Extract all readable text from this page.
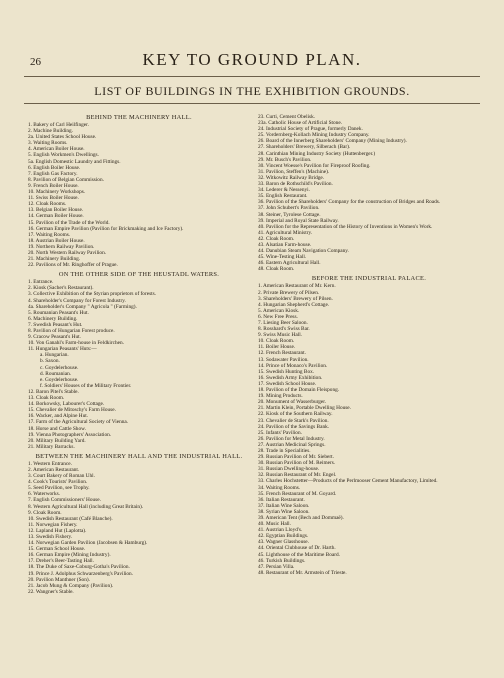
26	KEY TO GROUND PLAN.
LIST OF BUILDINGS IN THE EXHIBITION GROUNDS.
BEHIND THE MACHINERY HALL.
1. Bakery of Carl Heilfinger.
2. Machine Building.
2a. United States School House.
3. Waiting Rooms.
4. American Boiler House.
5. English Workmen's Dwellings.
5a. English Domestic Laundry and Fittings.
6. English Boiler House.
7. English Gas Factory.
8. Pavilion of Belgian Commission.
9. French Boiler House.
10. Machinery Workshops.
11. Swiss Boiler House.
12. Cloak Rooms.
13. Belgian Boiler House.
14. German Boiler House.
15. Pavilion of the Trade of the World.
16. German Empire Pavilion (Pavilion for Brickmaking and Ice Factory).
17. Waiting Rooms.
18. Austrian Boiler House.
19. Northern Railway Pavilion.
20. North Western Railway Pavilion.
21. Machinery Building.
22. Pavilions of Mr. Ringhoffer of Prague.
ON THE OTHER SIDE OF THE HEUSTADL WATERS.
1. Entrance.
2. Kiosk (Sacher's Restaurant).
3. Collective Exhibition of the Styrian proprietors of forests.
4. Shareholder's Company for Forest Industry.
4a. Shareholder's Company " Agricola " (Farming).
5. Roumanian Peasant's Hut.
6. Machinery Building.
7. Swedish Peasant's Hut.
8. Pavilion of Hungarian Forest produce.
9. Cracow Peasant's Hut.
10. Von Ganahl's Farm-house in Feldkirchen.
11. Hungarian Peasants' Huts:—
a. Hungarian.
b. Saxon.
c. Goydelerhouse.
d. Roumanian.
e. Goydelerhouse.
f. Soldiers' Houses of the Military Frontier.
12. Baron Pitel's Stable.
13. Cloak Room.
14. Borkowsky, Labourer's Cottage.
15. Chevalier de Mitoschy's Farm House.
16. Wacker, and Alpine Hut.
17. Farm of the Agricultural Society of Vienna.
18. Horse and Cattle Show.
19. Vienna Photographers' Association.
20. Military Building Yard.
21. Military Barracks.
BETWEEN THE MACHINERY HALL AND THE INDUSTRIAL HALL.
1. Western Entrance.
2. American Restaurant.
3. Court Bakery of Roman Uhl.
4. Cook's Tourists' Pavilion.
5. Seed Pavilion, see Trophy.
6. Waterworks.
7. English Commissioners' House.
8. Western Agricultural Hall (including Great Britain).
9. Cloak Room.
10. Swedish Restaurant (Café Blanche).
11. Norwegian Fishery.
12. Lapland Hut (Laplotta).
13. Swedish Fishery.
14. Norwegian Garden Pavilion (Jacobsen & Hamburg).
15. German School House.
16. German Empire (Mining Industry).
17. Dreher's Beer-Tasting Hall.
18. The Duke of Saxe-Coburg-Gotha's Pavilion.
19. Prince J. Adolphus Schwarzenberg's Pavilion.
20. Pavilion Manthner (Son).
21. Jacob Mung & Company (Pavilion).
22. Wangner's Stable.
23. Curti, Cement Obelisk.
23a. Catholic House of Artificial Stone.
24. Industrial Society of Prague, formerly Danek.
25. Vordernberg-Kollach Mining Industry Company.
26. Board of the Innerberg Shareholders' Company (Mining Industry).
27. Shareholders' Brewery, Silberach (Bar).
28. Carinthian Mining Industry Society (Huttenberger.)
29. Mr. Busch's Pavilion.
30. Vincent Woesse's Pavilion for Fireproof Roofing.
31. Pavilion, Steffen's (Machine).
32. Witkowitz Railway Bridge.
33. Baron de Rothschild's Pavilion.
34. Lederer & Nessenyi.
35. English Restaurant.
36. Pavilion of the Shareholders' Company for the construction of Bridges and Roads.
37. John Schubert's Pavilion.
38. Steiner, Tyrolese Cottage.
39. Imperial and Royal State Railway.
40. Pavilion for the Representation of the History of Inventions in Women's Work.
41. Agricultural Ministry.
42. Cloak Room.
43. Alsatian Farm-house.
44. Danubian Steam Navigation Company.
45. Wine-Testing Hall.
46. Eastern Agricultural Hall.
48. Cloak Room.
BEFORE THE INDUSTRIAL PALACE.
1. American Restaurant of Mr. Kern.
2. Private Brewery of Pilsen.
3. Shareholders' Brewery of Pilsen.
4. Hungarian Shepherd's Cottage.
5. American Kiosk.
6. New Free Press.
7. Liesing Beer Saloon.
8. Rosshard's Swiss Bar.
9. Swiss Music Hall.
10. Cloak Room.
11. Boiler House.
12. French Restaurant.
13. Sodawater Pavilion.
14. Prince of Monaco's Pavilion.
15. Swedish Hunting Box.
16. Swedish Army Exhibition.
17. Swedish School House.
18. Pavilion of the Domain Fleispong.
19. Mining Products.
20. Monument of Wasserburger.
21. Martin Klein, Portable Dwelling House.
22. Kiosk of the Southern Railway.
23. Chevalier de Stark's Pavilion.
24. Pavilion of the Savings Bank.
25. Infants' Pavilion.
26. Pavilion for Metal Industry.
27. Austrian Medicinal Springs.
28. Trade in Specialities.
29. Russian Pavilion of Mr. Siebert.
30. Russian Pavilion of M. Reimers.
31. Russian Dwelling-house.
32. Russian Restaurant of Mr. Engel.
33. Charles Hochstetter—Products of the Perlmooser Cement Manufactory, Limited.
34. Waiting Rooms.
35. French Restaurant of M. Goyard.
36. Italian Restaurant.
37. Italian Wine Saloon.
38. Syrian Wine Saloon.
39. American Tent (Bech and Dommaë).
40. Music Hall.
41. Austrian Lloyd's.
42. Egyptian Buildings.
43. Wagner Glasshouse.
44. Oriental Clubhouse of Dr. Harth.
45. Lighthouse of the Maritime Board.
46. Turkish Buildings.
47. Persian Villa.
48. Restaurant of Mr. Armstein of Trieste.
